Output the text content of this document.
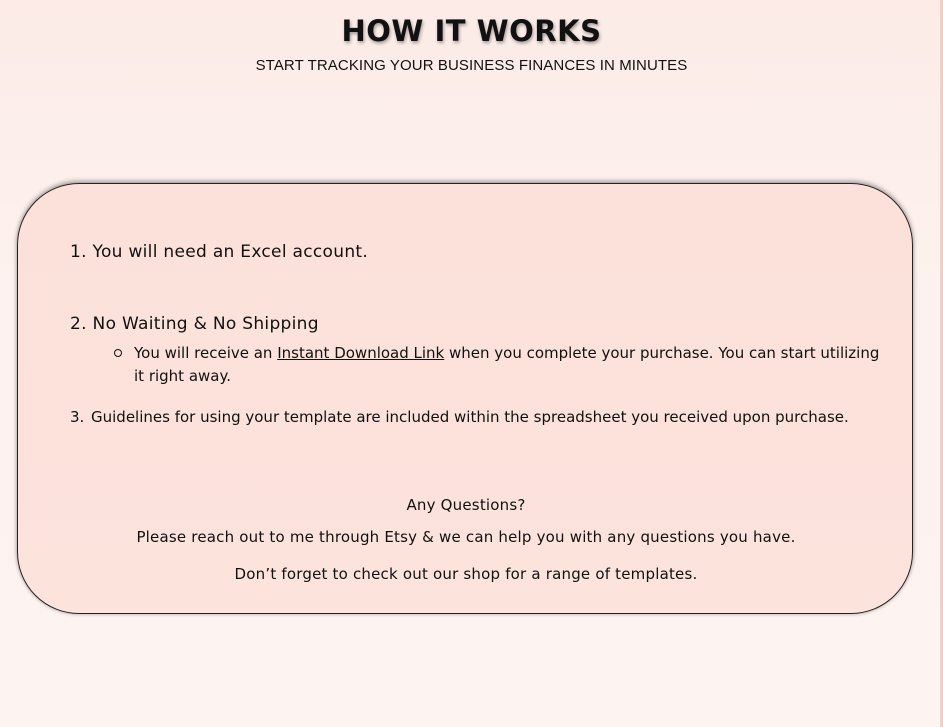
HOW IT WORKS
START TRACKING YOUR BUSINESS FINANCES IN MINUTES
1. You will need an Excel account.
2. No Waiting & No Shipping
You will receive an Instant Download Link when you complete your purchase. You can start utilizing it right away.
3. Guidelines for using your template are included within the spreadsheet you received upon purchase.
Any Questions?
Please reach out to me through Etsy & we can help you with any questions you have.
Don’t forget to check out our shop for a range of templates.
